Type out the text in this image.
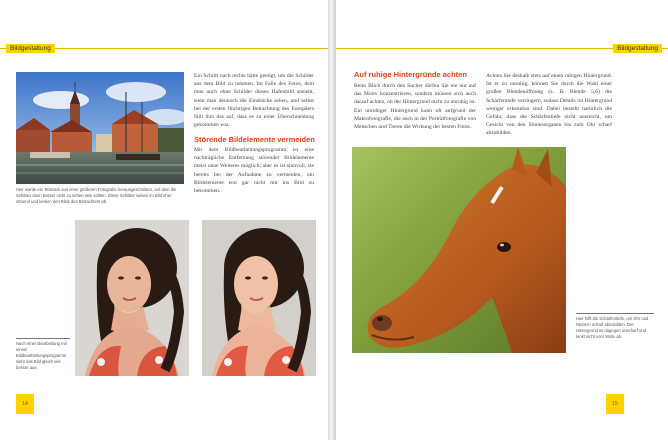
Bildgestaltung

Ein Schritt nach rechts hätte genügt, um die Schilder aus dem Bild zu nehmen. Im Falle des Fotos, dem man auch ohne Schilder dieses Hafenbild ansieht, sieht man dennoch die Eindrücke sehen, und selbst bei der ersten flüchtigen Betrachtung des Europäers fällt ihm das auf, dass es zu einer Überschneidung gekommen war.

Störende Bildelemente vermeiden

Mit dem Bildbearbeitungsprogramm ist eine nachträgliche Entfernung störender Bildelemente meist ohne Weiteres möglich; aber es ist sinnvoll, sie bereits bei der Aufnahme zu vermeiden, um Bildelemente erst gar nicht mit ins Bild zu bekommen.

Hier wurde ein Teilstück aus einer größeren Fotografie herausgeschnitten, auf dem die Schilder dann besser nicht zu sehen sein sollten. Diese Schilder wirken im Bild eher störend und lenken den Blick des Betrachters ab.
Nach einer Bearbeitung mit einem Bildbearbeitungsprogramm sieht das Bild gleich viel besser aus.
14
Bildgestaltung
Auf ruhige Hintergründe achten

Beim Blick durch den Sucher dürfen Sie nie nur auf das Motiv konzentrieren, sondern müssen sich auch darauf achten, ob der Hintergrund nicht zu unruhig ist. Ein unruhiger Hintergrund kann oft aufgrund der Makrofotografie, die auch in der Porträtfotografie von Menschen und Tieren die Wirkung der besten Fotos.

Achten Sie deshalb stets auf einen ruhigen Hintergrund. Ist er zu unruhig, können Sie durch die Wahl einer großen Blendenöffnung (z. B. Blende 5,6) die Schärfentiefe verringern, sodass Details im Hintergrund weniger erkennbar sind. Dabei besteht natürlich die Gefahr, dass die Schärfentiefe nicht ausreicht, um Gesicht von den Sinnesorganen bis zum Ohr scharf abzubilden.

Hier hilft die Schärfentiefe, um Ohr und Nüstern scharf abzubilden. Der Hintergrund ist dagegen unscharf und lenkt nicht vom Motiv ab.
15
